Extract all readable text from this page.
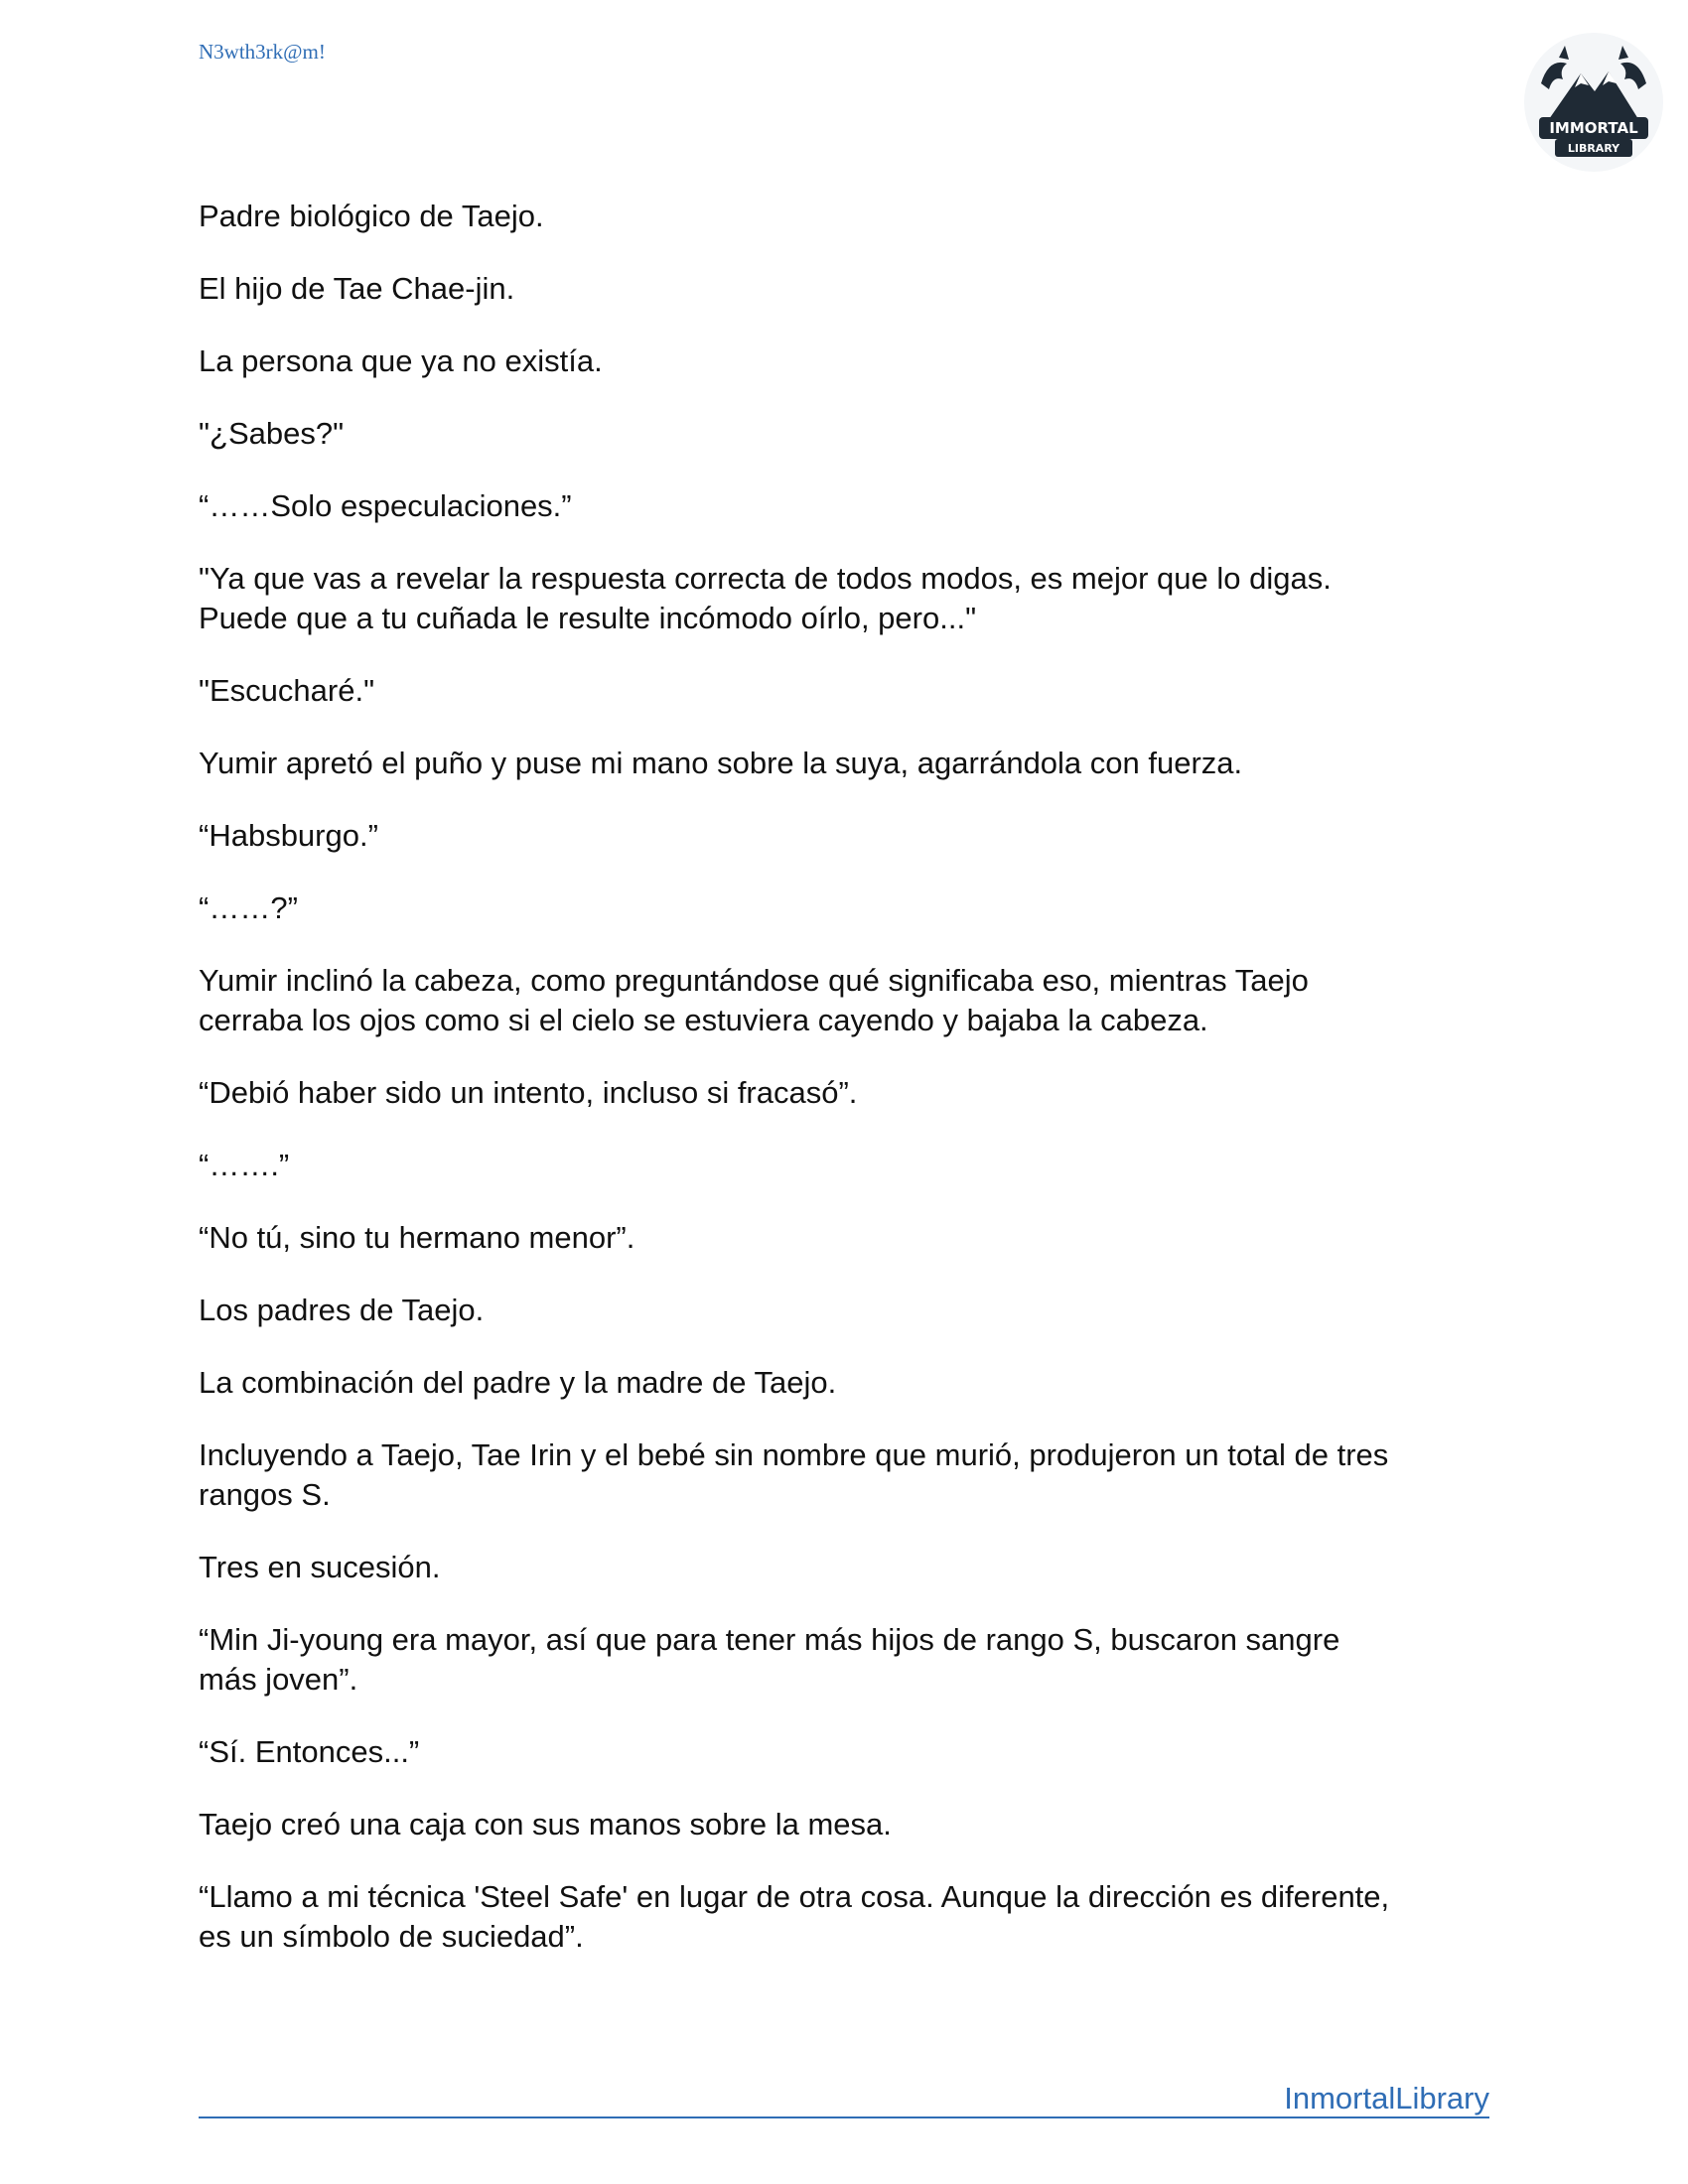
N3wth3rk@m!
IMMORTAL
LIBRARY

Padre biológico de Taejo.

El hijo de Tae Chae-jin.

La persona que ya no existía.

"¿Sabes?"

“……Solo especulaciones.”

"Ya que vas a revelar la respuesta correcta de todos modos, es mejor que lo digas.
Puede que a tu cuñada le resulte incómodo oírlo, pero..."

"Escucharé."

Yumir apretó el puño y puse mi mano sobre la suya, agarrándola con fuerza.

“Habsburgo.”

“……?”

Yumir inclinó la cabeza, como preguntándose qué significaba eso, mientras Taejo
cerraba los ojos como si el cielo se estuviera cayendo y bajaba la cabeza.

“Debió haber sido un intento, incluso si fracasó”.

“…….”

“No tú, sino tu hermano menor”.

Los padres de Taejo.

La combinación del padre y la madre de Taejo.

Incluyendo a Taejo, Tae Irin y el bebé sin nombre que murió, produjeron un total de tres
rangos S.

Tres en sucesión.

“Min Ji-young era mayor, así que para tener más hijos de rango S, buscaron sangre
más joven”.

“Sí. Entonces...”

Taejo creó una caja con sus manos sobre la mesa.

“Llamo a mi técnica 'Steel Safe' en lugar de otra cosa. Aunque la dirección es diferente,
es un símbolo de suciedad”.

InmortalLibrary
